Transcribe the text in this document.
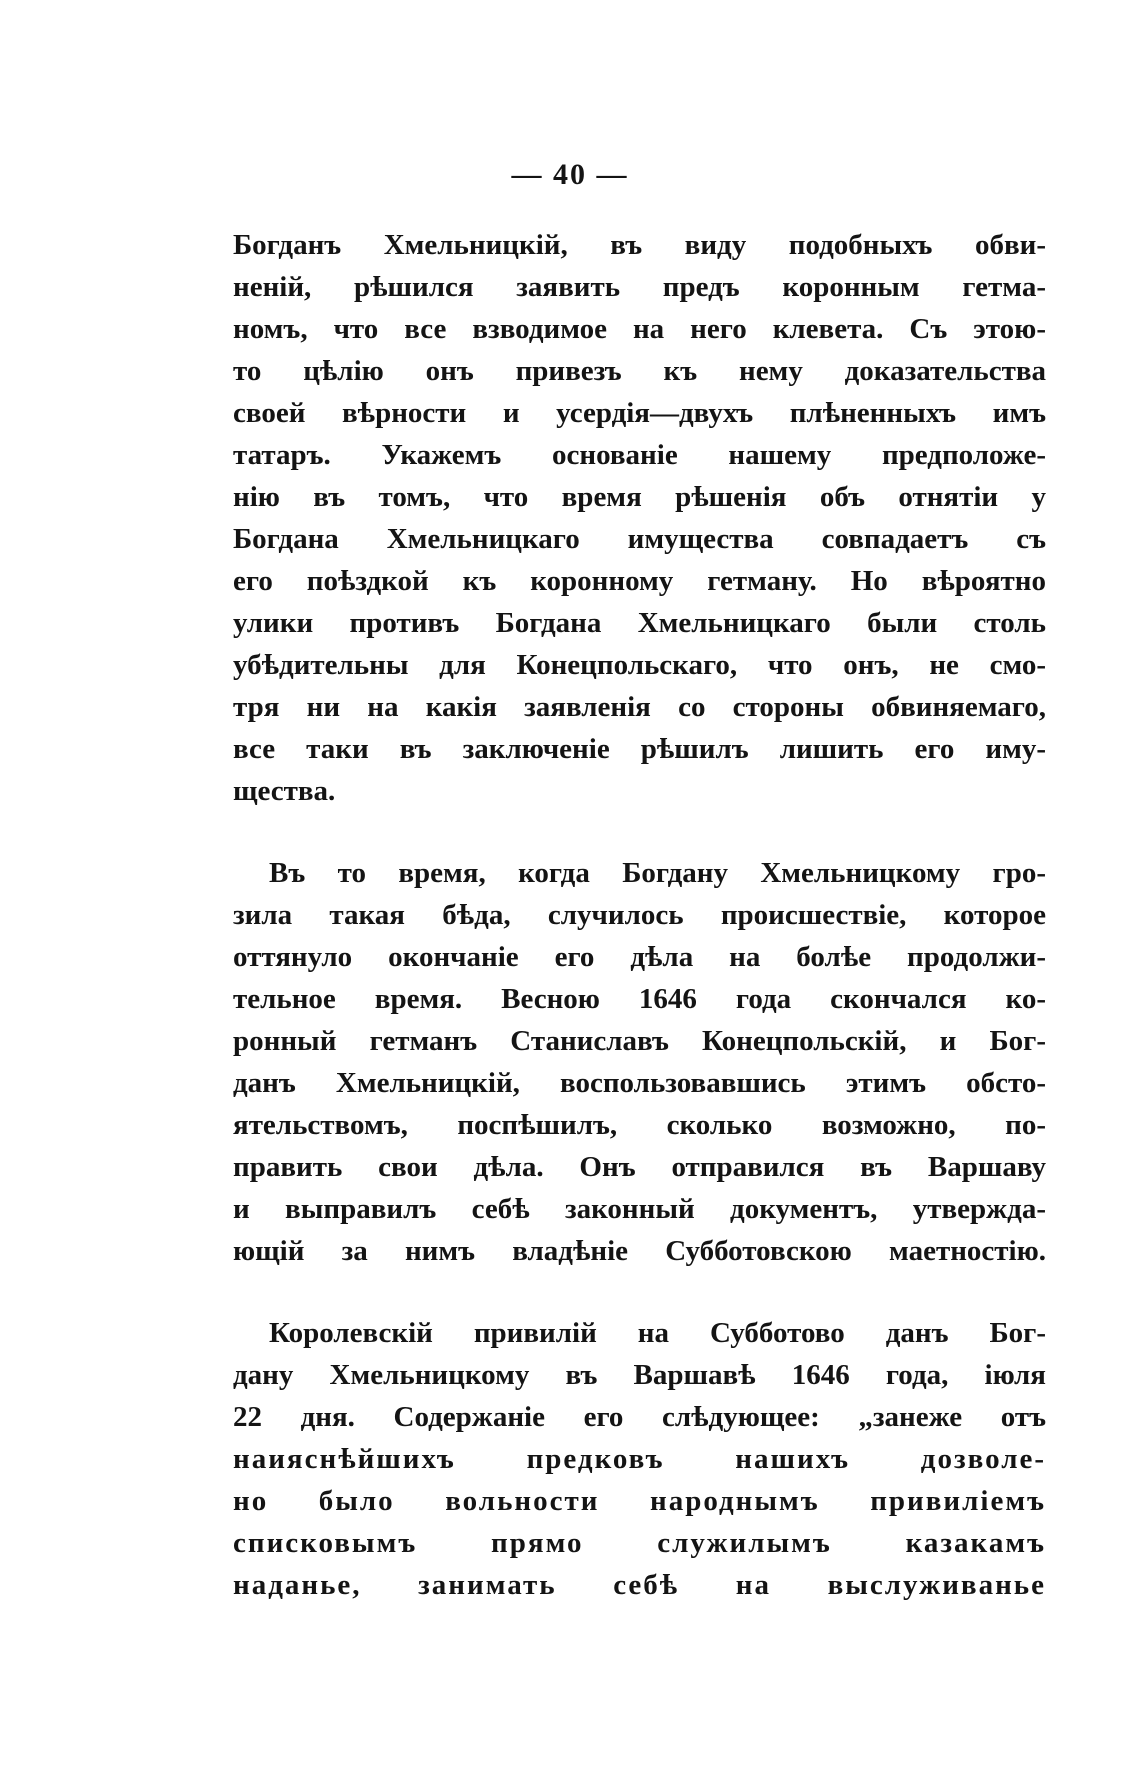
— 40 —
Богданъ Хмельницкій, въ виду подобныхъ обви-
неній, рѣшился заявить предъ коронным гетма-
номъ, что все взводимое на него клевета. Съ этою-
то цѣлію онъ привезъ къ нему доказательства
своей вѣрности и усердія—двухъ плѣненныхъ имъ
татаръ. Укажемъ основаніе нашему предположе-
нію въ томъ, что время рѣшенія объ отнятіи у
Богдана Хмельницкаго имущества совпадаетъ съ
его поѣздкой къ коронному гетману. Но вѣроятно
улики противъ Богдана Хмельницкаго были столь
убѣдительны для Конецпольскаго, что онъ, не смо-
тря ни на какія заявленія со стороны обвиняемаго,
все таки въ заключеніе рѣшилъ лишить его иму-
щества.
Въ то время, когда Богдану Хмельницкому гро-
зила такая бѣда, случилось происшествіе, которое
оттянуло окончаніе его дѣла на болѣе продолжи-
тельное время. Весною 1646 года скончался ко-
ронный гетманъ Станиславъ Конецпольскій, и Бог-
данъ Хмельницкій, воспользовавшись этимъ обсто-
ятельствомъ, поспѣшилъ, сколько возможно, по-
править свои дѣла. Онъ отправился въ Варшаву
и выправилъ себѣ законный документъ, утвержда-
ющій за нимъ владѣніе Субботовскою маетностію.
Королевскій привилій на Субботово данъ Бог-
дану Хмельницкому въ Варшавѣ 1646 года, іюля
22 дня. Содержаніе его слѣдующее: „занеже отъ
наияснѣйшихъ предковъ нашихъ дозволе-
но было вольности народнымъ привиліемъ
списковымъ прямо служилымъ казакамъ
наданье, занимать себѣ на выслуживанье
